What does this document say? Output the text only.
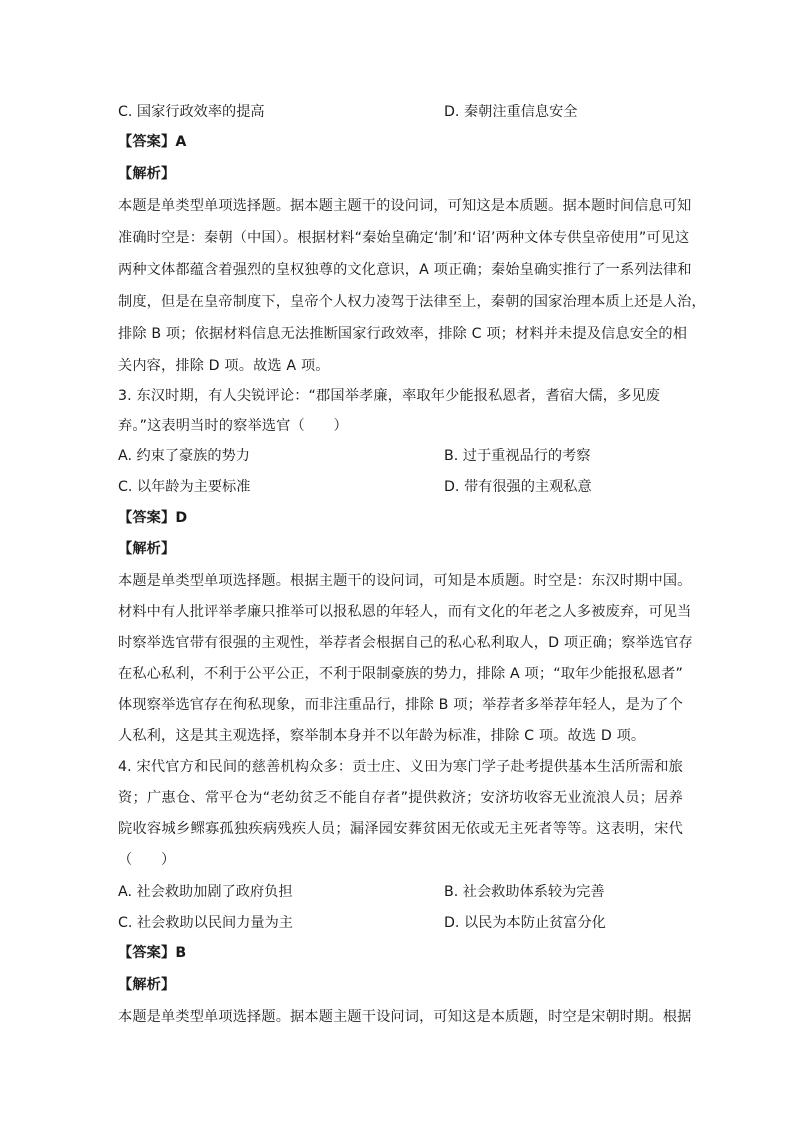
C. 国家行政效率的提高	D. 秦朝注重信息安全
【答案】A
【解析】
本题是单类型单项选择题。据本题主题干的设问词，可知这是本质题。据本题时间信息可知
准确时空是：秦朝（中国）。根据材料“秦始皇确定‘制’和‘诏’两种文体专供皇帝使用”可见这
两种文体都蕴含着强烈的皇权独尊的文化意识，A 项正确；秦始皇确实推行了一系列法律和
制度，但是在皇帝制度下，皇帝个人权力凌驾于法律至上，秦朝的国家治理本质上还是人治，
排除 B 项；依据材料信息无法推断国家行政效率，排除 C 项；材料并未提及信息安全的相
关内容，排除 D 项。故选 A 项。
3. 东汉时期，有人尖锐评论：“郡国举孝廉，率取年少能报私恩者，耆宿大儒，多见废
弃。”这表明当时的察举选官（　　）
A. 约束了豪族的势力	B. 过于重视品行的考察
C. 以年龄为主要标准	D. 带有很强的主观私意
【答案】D
【解析】
本题是单类型单项选择题。根据主题干的设问词，可知是本质题。时空是：东汉时期中国。
材料中有人批评举孝廉只推举可以报私恩的年轻人，而有文化的年老之人多被废弃，可见当
时察举选官带有很强的主观性，举荐者会根据自己的私心私利取人，D 项正确；察举选官存
在私心私利，不利于公平公正，不利于限制豪族的势力，排除 A 项；“取年少能报私恩者”
体现察举选官存在徇私现象，而非注重品行，排除 B 项；举荐者多举荐年轻人，是为了个
人私利，这是其主观选择，察举制本身并不以年龄为标准，排除 C 项。故选 D 项。
4. 宋代官方和民间的慈善机构众多：贡士庄、义田为寒门学子赴考提供基本生活所需和旅
资；广惠仓、常平仓为“老幼贫乏不能自存者”提供救济；安济坊收容无业流浪人员；居养
院收容城乡鳏寡孤独疾病残疾人员；漏泽园安葬贫困无依或无主死者等等。这表明，宋代
（　　）
A. 社会救助加剧了政府负担	B. 社会救助体系较为完善
C. 社会救助以民间力量为主	D. 以民为本防止贫富分化
【答案】B
【解析】
本题是单类型单项选择题。据本题主题干设问词，可知这是本质题，时空是宋朝时期。根据
